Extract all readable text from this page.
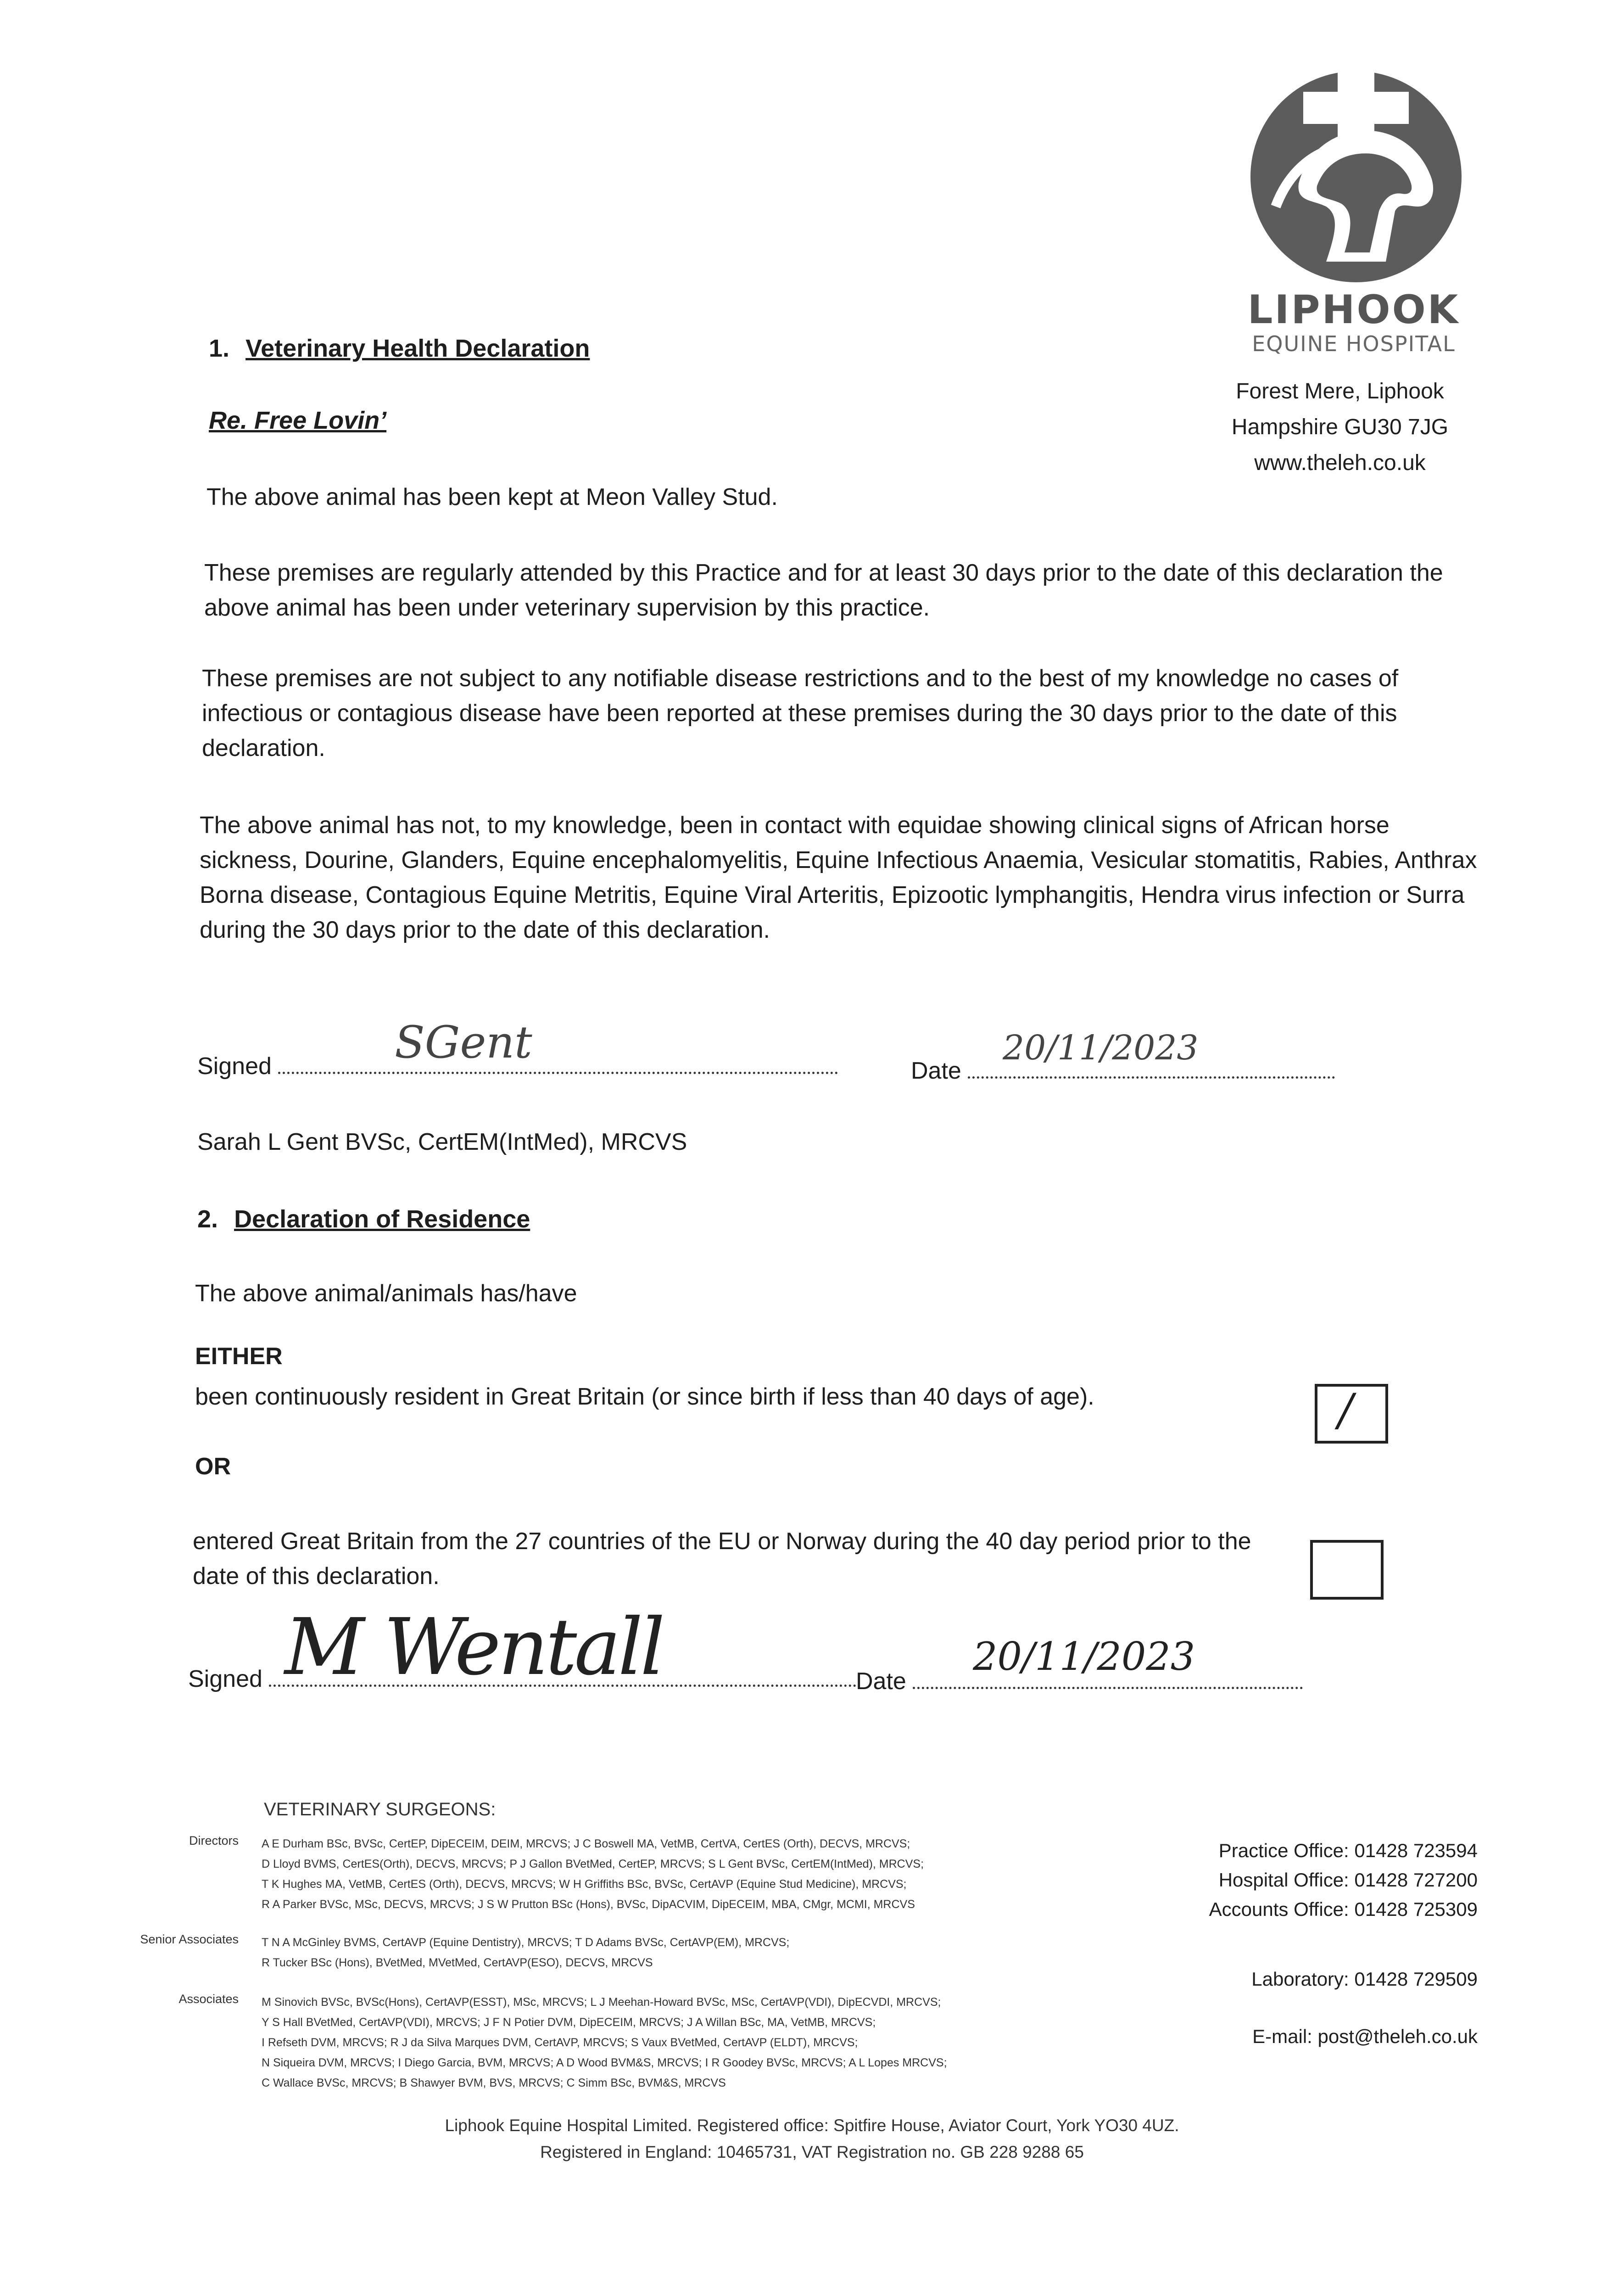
LIPHOOK
EQUINE HOSPITAL
Forest Mere, Liphook
Hampshire GU30 7JG
www.theleh.co.uk
1. Veterinary Health Declaration
Re. Free Lovin’
The above animal has been kept at Meon Valley Stud.
These premises are regularly attended by this Practice and for at least 30 days prior to the date of this declaration the above animal has been under veterinary supervision by this practice.
These premises are not subject to any notifiable disease restrictions and to the best of my knowledge no cases of infectious or contagious disease have been reported at these premises during the 30 days prior to the date of this declaration.
The above animal has not, to my knowledge, been in contact with equidae showing clinical signs of African horse sickness, Dourine, Glanders, Equine encephalomyelitis, Equine Infectious Anaemia, Vesicular stomatitis, Rabies, Anthrax Borna disease, Contagious Equine Metritis, Equine Viral Arteritis, Epizootic lymphangitis, Hendra virus infection or Surra during the 30 days prior to the date of this declaration.
Signed	SGent
Date
20/11/2023
Sarah L Gent BVSc, CertEM(IntMed), MRCVS
2. Declaration of Residence
The above animal/animals has/have
EITHER
been continuously resident in Great Britain (or since birth if less than 40 days of age).	/
OR
entered Great Britain from the 27 countries of the EU or Norway during the 40 day period prior to the date of this declaration.
Signed M Wentall	Date
20/11/2023
VETERINARY SURGEONS:
Directors A E Durham BSc, BVSc, CertEP, DipECEIM, DEIM, MRCVS; J C Boswell MA, VetMB, CertVA, CertES (Orth), DECVS, MRCVS;
D Lloyd BVMS, CertES(Orth), DECVS, MRCVS; P J Gallon BVetMed, CertEP, MRCVS; S L Gent BVSc, CertEM(IntMed), MRCVS;
T K Hughes MA, VetMB, CertES (Orth), DECVS, MRCVS; W H Griffiths BSc, BVSc, CertAVP (Equine Stud Medicine), MRCVS;
R A Parker BVSc, MSc, DECVS, MRCVS; J S W Prutton BSc (Hons), BVSc, DipACVIM, DipECEIM, MBA, CMgr, MCMI, MRCVS
Senior Associates T N A McGinley BVMS, CertAVP (Equine Dentistry), MRCVS; T D Adams BVSc, CertAVP(EM), MRCVS;
R Tucker BSc (Hons), BVetMed, MVetMed, CertAVP(ESO), DECVS, MRCVS
Associates M Sinovich BVSc, BVSc(Hons), CertAVP(ESST), MSc, MRCVS; L J Meehan-Howard BVSc, MSc, CertAVP(VDI), DipECVDI, MRCVS;
Y S Hall BVetMed, CertAVP(VDI), MRCVS; J F N Potier DVM, DipECEIM, MRCVS; J A Willan BSc, MA, VetMB, MRCVS;
I Refseth DVM, MRCVS; R J da Silva Marques DVM, CertAVP, MRCVS; S Vaux BVetMed, CertAVP (ELDT), MRCVS;
N Siqueira DVM, MRCVS; I Diego Garcia, BVM, MRCVS; A D Wood BVM&S, MRCVS; I R Goodey BVSc, MRCVS; A L Lopes MRCVS;
C Wallace BVSc, MRCVS; B Shawyer BVM, BVS, MRCVS; C Simm BSc, BVM&S, MRCVS
Practice Office: 01428 723594
Hospital Office: 01428 727200
Accounts Office: 01428 725309
Laboratory: 01428 729509
E-mail: post@theleh.co.uk
Liphook Equine Hospital Limited. Registered office: Spitfire House, Aviator Court, York YO30 4UZ.
Registered in England: 10465731, VAT Registration no. GB 228 9288 65
